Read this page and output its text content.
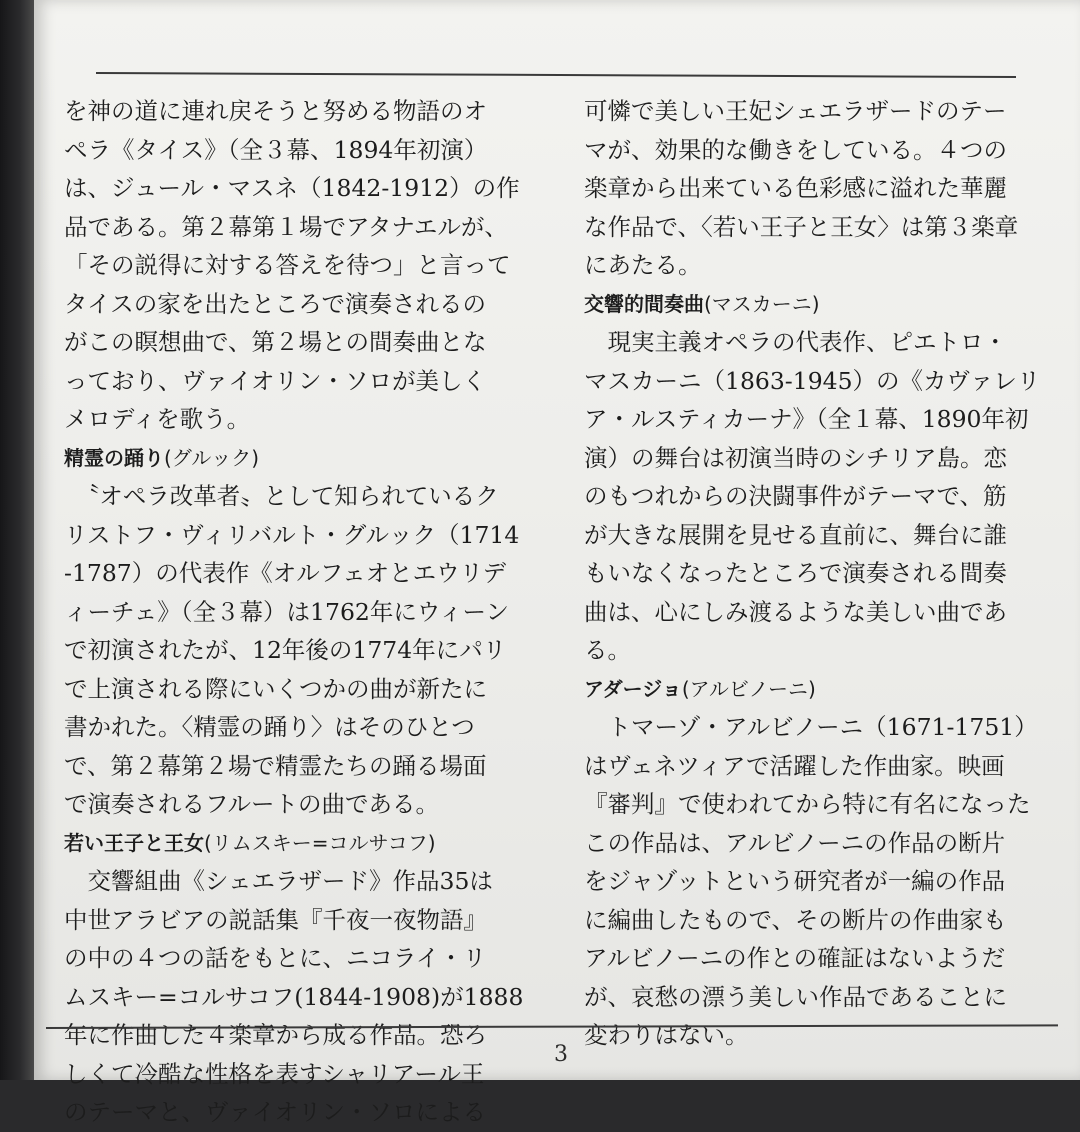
を神の道に連れ戻そうと努める物語のオ
ペラ《タイス》（全３幕、1894年初演）
は、ジュール・マスネ（1842-1912）の作
品である。第２幕第１場でアタナエルが、
「その説得に対する答えを待つ」と言って
タイスの家を出たところで演奏されるの
がこの瞑想曲で、第２場との間奏曲とな
っており、ヴァイオリン・ソロが美しく
メロディを歌う。
精霊の踊り(グルック)
　〝オペラ改革者〟として知られているク
リストフ・ヴィリバルト・グルック（1714
-1787）の代表作《オルフェオとエウリデ
ィーチェ》（全３幕）は1762年にウィーン
で初演されたが、12年後の1774年にパリ
で上演される際にいくつかの曲が新たに
書かれた。〈精霊の踊り〉はそのひとつ
で、第２幕第２場で精霊たちの踊る場面
で演奏されるフルートの曲である。
若い王子と王女(リムスキー=コルサコフ)
　交響組曲《シェエラザード》作品35は
中世アラビアの説話集『千夜一夜物語』
の中の４つの話をもとに、ニコライ・リ
ムスキー=コルサコフ(1844-1908)が1888
年に作曲した４楽章から成る作品。恐ろ
しくて冷酷な性格を表すシャリアール王
のテーマと、ヴァイオリン・ソロによる
可憐で美しい王妃シェエラザードのテー
マが、効果的な働きをしている。４つの
楽章から出来ている色彩感に溢れた華麗
な作品で、〈若い王子と王女〉は第３楽章
にあたる。
交響的間奏曲(マスカーニ)
　現実主義オペラの代表作、ピエトロ・
マスカーニ（1863-1945）の《カヴァレリ
ア・ルスティカーナ》（全１幕、1890年初
演）の舞台は初演当時のシチリア島。恋
のもつれからの決闘事件がテーマで、筋
が大きな展開を見せる直前に、舞台に誰
もいなくなったところで演奏される間奏
曲は、心にしみ渡るような美しい曲であ
る。
アダージョ(アルビノーニ)
　トマーゾ・アルビノーニ（1671-1751）
はヴェネツィアで活躍した作曲家。映画
『審判』で使われてから特に有名になった
この作品は、アルビノーニの作品の断片
をジャゾットという研究者が一編の作品
に編曲したもので、その断片の作曲家も
アルビノーニの作との確証はないようだ
が、哀愁の漂う美しい作品であることに
変わりはない。
3
